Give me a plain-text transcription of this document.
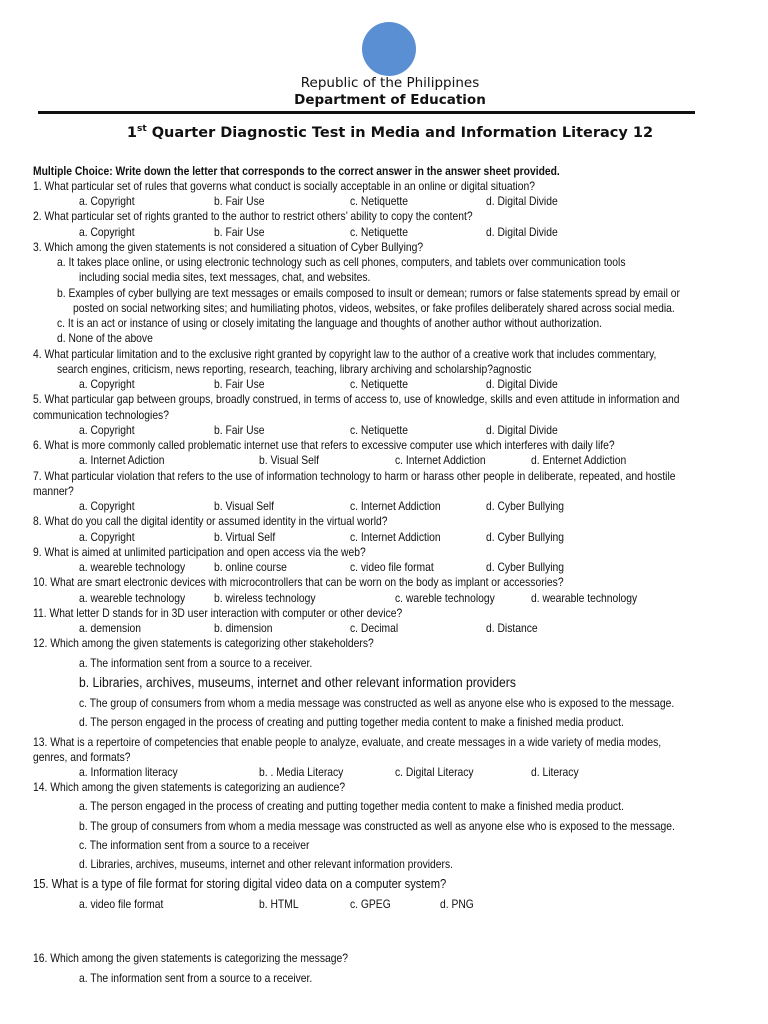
Republic of the Philippines
Department of Education
1st Quarter Diagnostic Test in Media and Information Literacy 12
Multiple Choice: Write down the letter that corresponds to the correct answer in the answer sheet provided.
1. What particular set of rules that governs what conduct is socially acceptable in an online or digital situation?
a. Copyright	b. Fair Use	c. Netiquette	d. Digital Divide
2. What particular set of rights granted to the author to restrict others’ ability to copy the content?
a. Copyright	b. Fair Use	c. Netiquette	d. Digital Divide
3. Which among the given statements is not considered a situation of Cyber Bullying?
a. It takes place online, or using electronic technology such as cell phones, computers, and tablets over communication tools
including social media sites, text messages, chat, and websites.
b. Examples of cyber bullying are text messages or emails composed to insult or demean; rumors or false statements spread by email or
posted on social networking sites; and humiliating photos, videos, websites, or fake profiles deliberately shared across social media.
c. It is an act or instance of using or closely imitating the language and thoughts of another author without authorization.
d. None of the above
4. What particular limitation and to the exclusive right granted by copyright law to the author of a creative work that includes commentary,
search engines, criticism, news reporting, research, teaching, library archiving and scholarship?agnostic
a. Copyright	b. Fair Use	c. Netiquette	d. Digital Divide
5. What particular gap between groups, broadly construed, in terms of access to, use of knowledge, skills and even attitude in information and
communication technologies?
a. Copyright	b. Fair Use	c. Netiquette	d. Digital Divide
6. What is more commonly called problematic internet use that refers to excessive computer use which interferes with daily life?
a. Internet Adiction	b. Visual Self	c. Internet Addiction	d. Enternet Addiction
7. What particular violation that refers to the use of information technology to harm or harass other people in deliberate, repeated, and hostile
manner?
a. Copyright	b. Visual Self	c. Internet Addiction	d. Cyber Bullying
8. What do you call the digital identity or assumed identity in the virtual world?
a. Copyright	b. Virtual Self	c. Internet Addiction	d. Cyber Bullying
9. What is aimed at unlimited participation and open access via the web?
a. weareble technology b. online course	c. video file format	d. Cyber Bullying
10. What are smart electronic devices with microcontrollers that can be worn on the body as implant or accessories?
a. weareble technology b. wireless technology	c. wareble technology	d. wearable technology
11. What letter D stands for in 3D user interaction with computer or other device?
a. demension	b. dimension	c. Decimal	d. Distance
12. Which among the given statements is categorizing other stakeholders?
a. The information sent from a source to a receiver.
b. Libraries, archives, museums, internet and other relevant information providers
c. The group of consumers from whom a media message was constructed as well as anyone else who is exposed to the message.
d. The person engaged in the process of creating and putting together media content to make a finished media product.
13. What is a repertoire of competencies that enable people to analyze, evaluate, and create messages in a wide variety of media modes,
genres, and formats?
a. Information literacy	b. . Media Literacy	c. Digital Literacy	d. Literacy
14. Which among the given statements is categorizing an audience?
a. The person engaged in the process of creating and putting together media content to make a finished media product.
b. The group of consumers from whom a media message was constructed as well as anyone else who is exposed to the message.
c. The information sent from a source to a receiver
d. Libraries, archives, museums, internet and other relevant information providers.
15. What is a type of file format for storing digital video data on a computer system?
a. video file format	b. HTML	c. GPEG	d. PNG
16. Which among the given statements is categorizing the message?
a. The information sent from a source to a receiver.
